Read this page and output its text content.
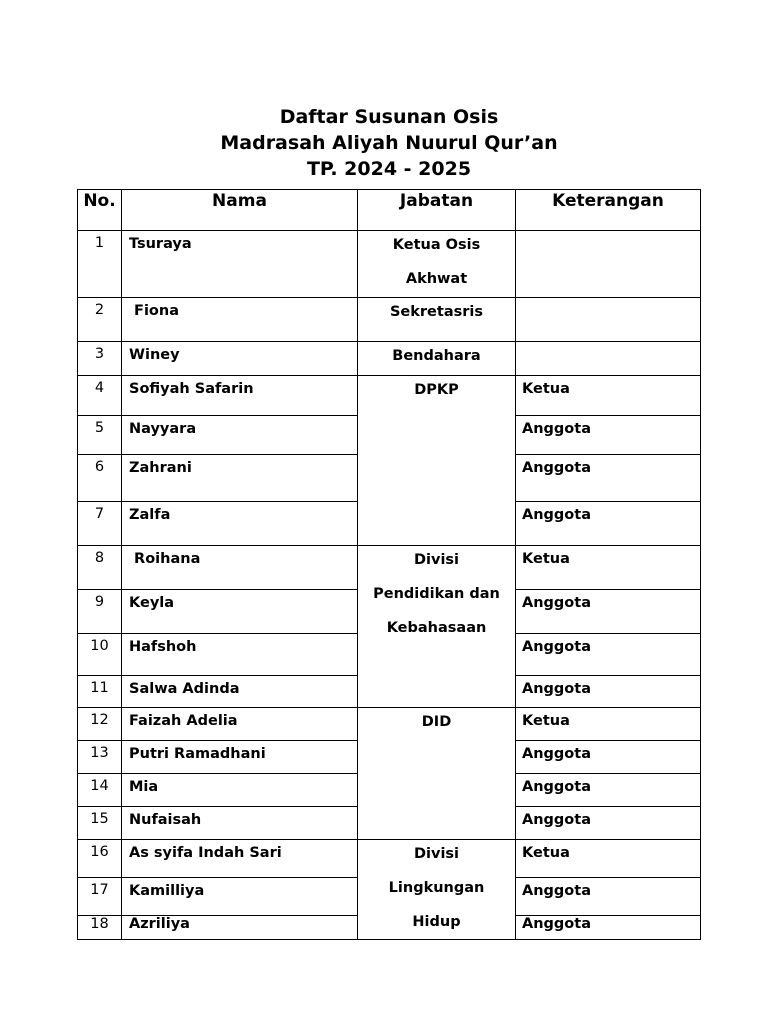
Daftar Susunan Osis
Madrasah Aliyah Nuurul Qur’an
TP. 2024 - 2025
No.	Nama	Jabatan	Keterangan
1	Tsuraya	Ketua Osis Akhwat	

2	Fiona	Sekretasris	

3	Winey	Bendahara	

4	Sofiyah Safarin	DPKP	Ketua
5	Nayyara		Anggota
6	Zahrani		Anggota
7	Zalfa		Anggota
8	Roihana	Divisi Pendidikan dan Kebahasaan	Ketua
9	Keyla		Anggota
10	Hafshoh		Anggota
11	Salwa Adinda		Anggota
12	Faizah Adelia	DID	Ketua
13	Putri Ramadhani		Anggota
14	Mia		Anggota
15	Nufaisah		Anggota
16	As syifa Indah Sari	Divisi Lingkungan Hidup	Ketua
17	Kamilliya		Anggota
18	Azriliya		Anggota
